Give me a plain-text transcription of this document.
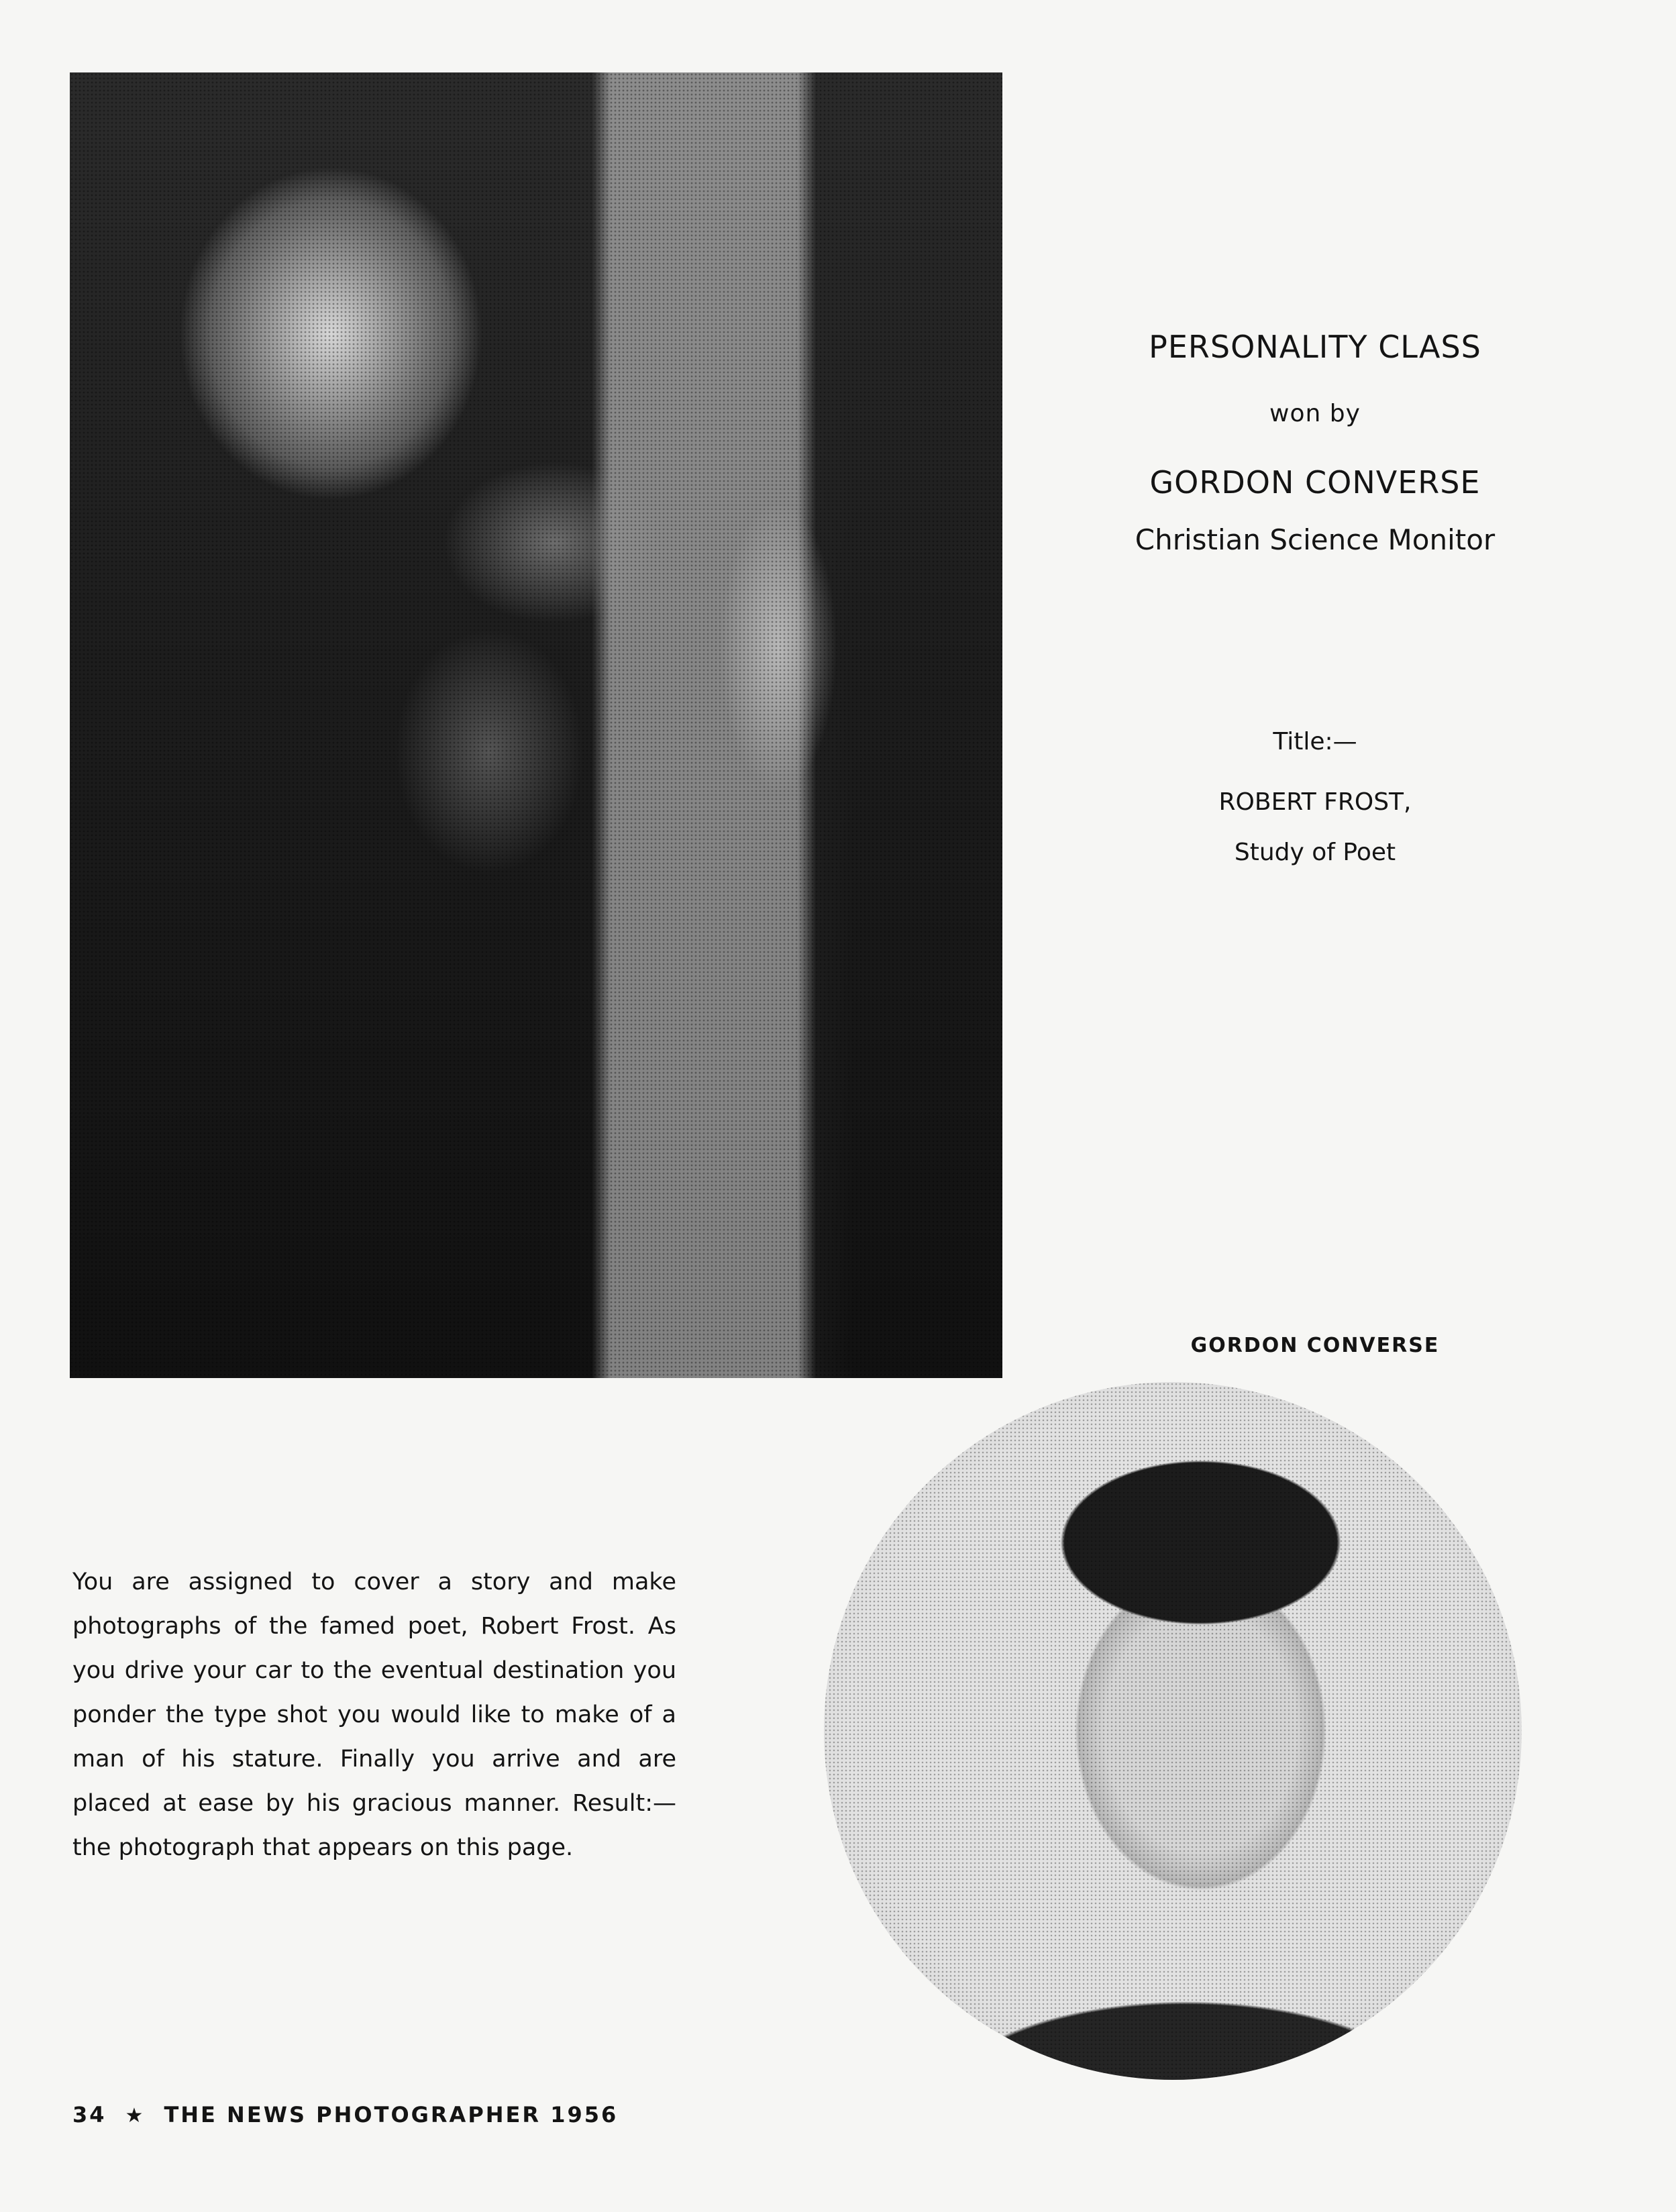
PERSONALITY CLASS
won by
GORDON CONVERSE
Christian Science Monitor
Title:—
ROBERT FROST,
Study of Poet
GORDON CONVERSE

You are assigned to cover a story and make photographs of the famed poet, Robert Frost. As you drive your car to the eventual destination you ponder the type shot you would like to make of a man of his stature. Finally you arrive and are placed at ease by his gracious manner. Result:— the photograph that appears on this page.

34 ★ THE NEWS PHOTOGRAPHER 1956
